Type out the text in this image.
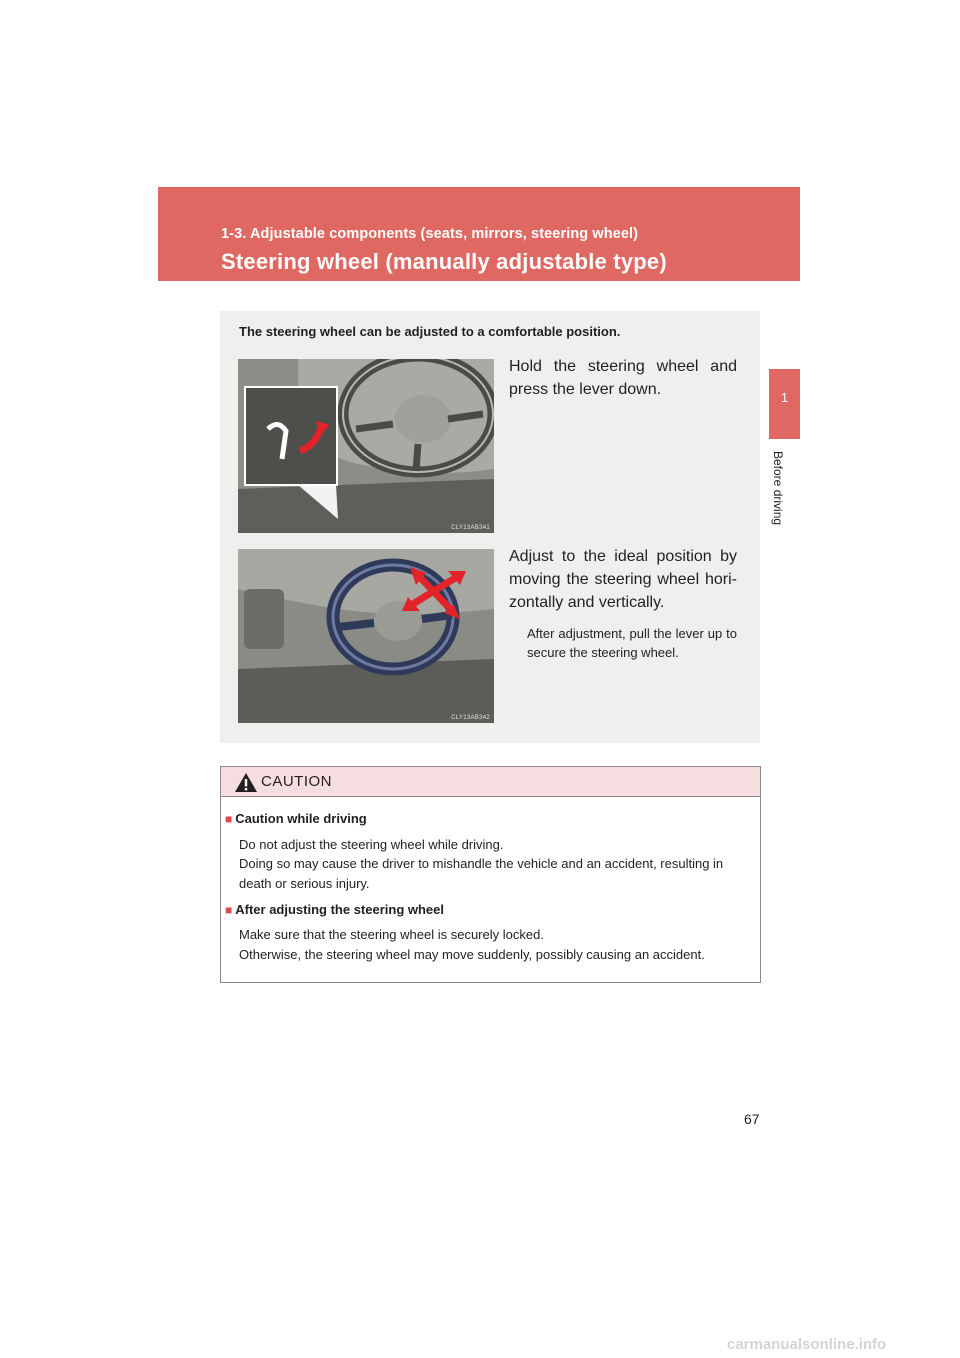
1-3. Adjustable components (seats, mirrors, steering wheel)
Steering wheel (manually adjustable type)
1
Before driving
The steering wheel can be adjusted to a comfortable position.
CLY13AB341
Hold the steering wheel and press the lever down.
CLY13AB342
Adjust to the ideal position by moving the steering wheel hori-zontally and vertically.
After adjustment, pull the lever up to secure the steering wheel.
CAUTION
■ Caution while driving
Do not adjust the steering wheel while driving.
Doing so may cause the driver to mishandle the vehicle and an accident, resulting in
death or serious injury.
■ After adjusting the steering wheel
Make sure that the steering wheel is securely locked.
Otherwise, the steering wheel may move suddenly, possibly causing an accident.
67
carmanualsonline.info
